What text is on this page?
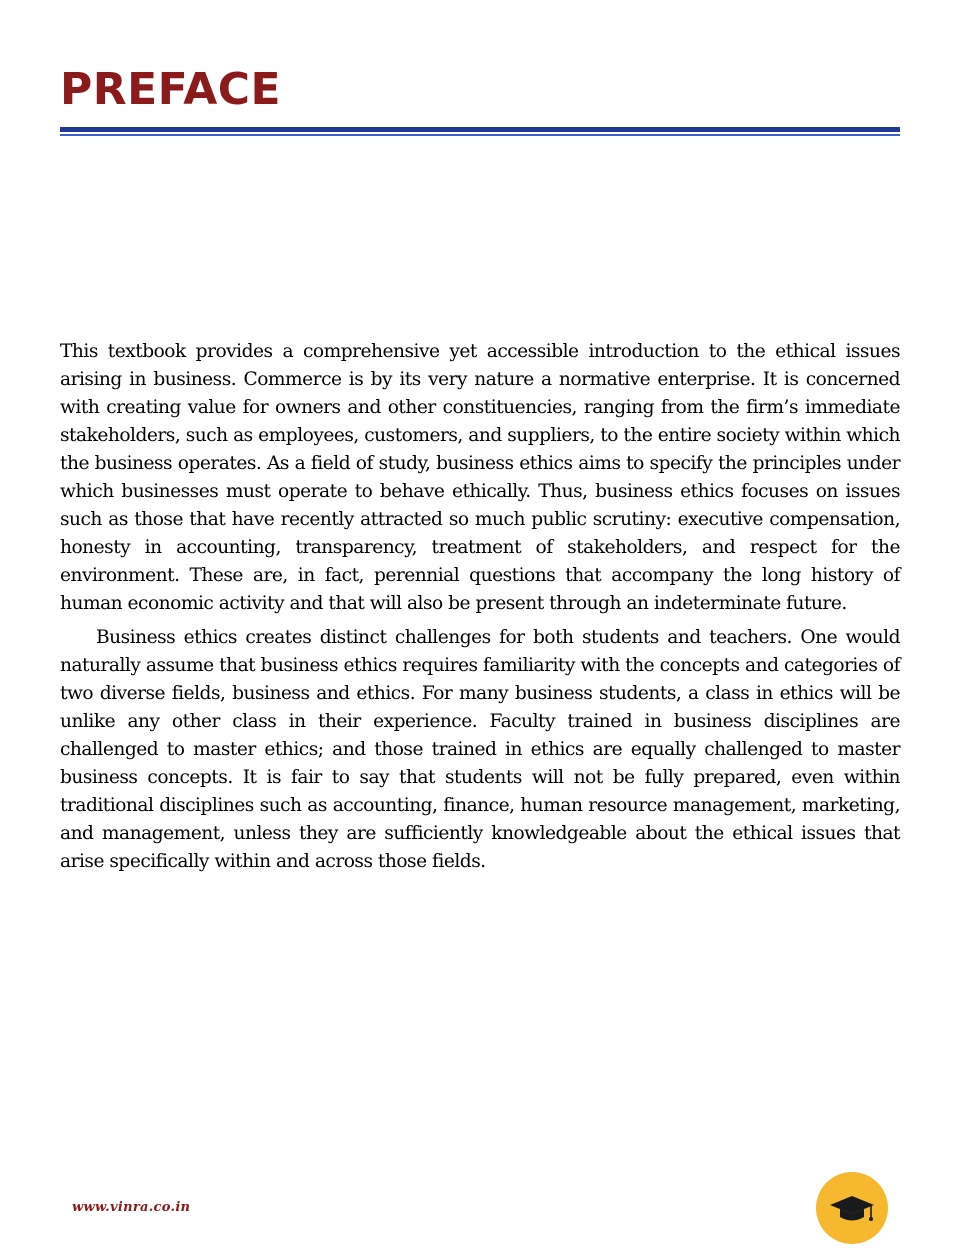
PREFACE

This textbook provides a comprehensive yet accessible introduction to the ethical issues arising in business. Commerce is by its very nature a normative enterprise. It is concerned with creating value for owners and other constituencies, ranging from the firm’s immediate stakeholders, such as employees, customers, and suppliers, to the entire society within which the business operates. As a field of study, business ethics aims to specify the principles under which businesses must operate to behave ethically. Thus, business ethics focuses on issues such as those that have recently attracted so much public scrutiny: executive compensation, honesty in accounting, transparency, treatment of stakeholders, and respect for the environment. These are, in fact, perennial questions that accompany the long history of human economic activity and that will also be present through an indeterminate future.

Business ethics creates distinct challenges for both students and teachers. One would naturally assume that business ethics requires familiarity with the concepts and categories of two diverse fields, business and ethics. For many business students, a class in ethics will be unlike any other class in their experience. Faculty trained in business disciplines are challenged to master ethics; and those trained in ethics are equally challenged to master business concepts. It is fair to say that students will not be fully prepared, even within traditional disciplines such as accounting, finance, human resource management, marketing, and management, unless they are sufficiently knowledgeable about the ethical issues that arise specifically within and across those fields.

www.vinra.co.in
